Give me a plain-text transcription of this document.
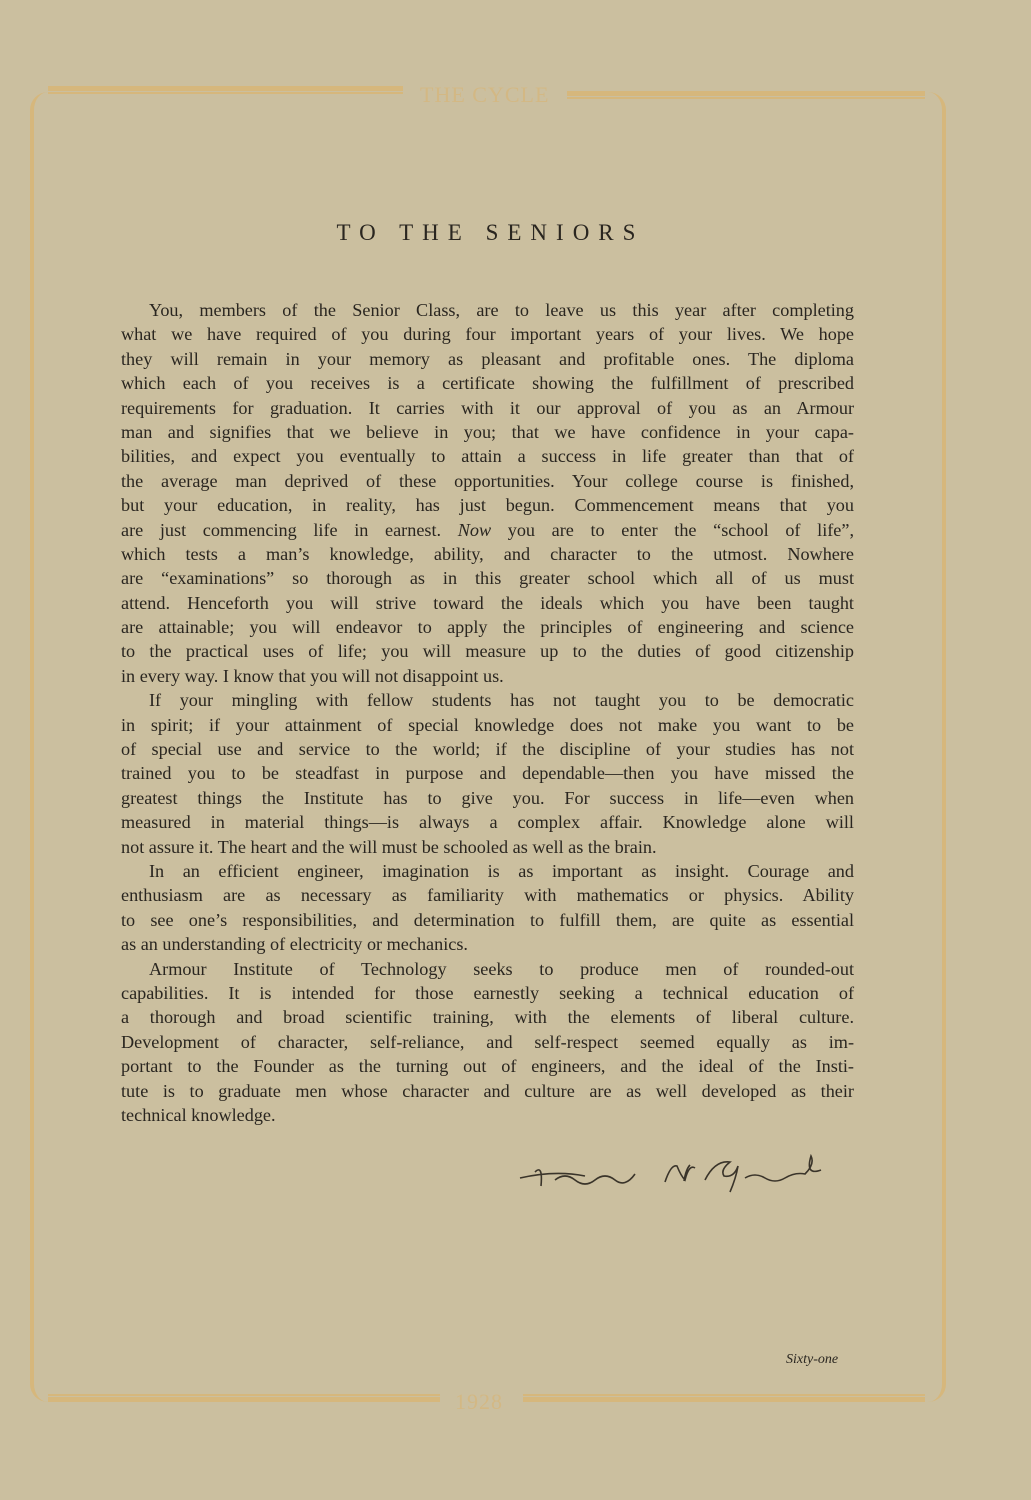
THE CYCLE
TO THE SENIORS
You, members of the Senior Class, are to leave us this year after completing
what we have required of you during four important years of your lives. We hope
they will remain in your memory as pleasant and profitable ones. The diploma
which each of you receives is a certificate showing the fulfillment of prescribed
requirements for graduation. It carries with it our approval of you as an Armour
man and signifies that we believe in you; that we have confidence in your capa-
bilities, and expect you eventually to attain a success in life greater than that of
the average man deprived of these opportunities. Your college course is finished,
but your education, in reality, has just begun. Commencement means that you
are just commencing life in earnest. Now you are to enter the “school of life”,
which tests a man’s knowledge, ability, and character to the utmost. Nowhere
are “examinations” so thorough as in this greater school which all of us must
attend. Henceforth you will strive toward the ideals which you have been taught
are attainable; you will endeavor to apply the principles of engineering and science
to the practical uses of life; you will measure up to the duties of good citizenship
in every way. I know that you will not disappoint us.
If your mingling with fellow students has not taught you to be democratic
in spirit; if your attainment of special knowledge does not make you want to be
of special use and service to the world; if the discipline of your studies has not
trained you to be steadfast in purpose and dependable—then you have missed the
greatest things the Institute has to give you. For success in life—even when
measured in material things—is always a complex affair. Knowledge alone will
not assure it. The heart and the will must be schooled as well as the brain.
In an efficient engineer, imagination is as important as insight. Courage and
enthusiasm are as necessary as familiarity with mathematics or physics. Ability
to see one’s responsibilities, and determination to fulfill them, are quite as essential
as an understanding of electricity or mechanics.
Armour Institute of Technology seeks to produce men of rounded-out
capabilities. It is intended for those earnestly seeking a technical education of
a thorough and broad scientific training, with the elements of liberal culture.
Development of character, self-reliance, and self-respect seemed equally as im-
portant to the Founder as the turning out of engineers, and the ideal of the Insti-
tute is to graduate men whose character and culture are as well developed as their
technical knowledge.
Sixty-one
1928
